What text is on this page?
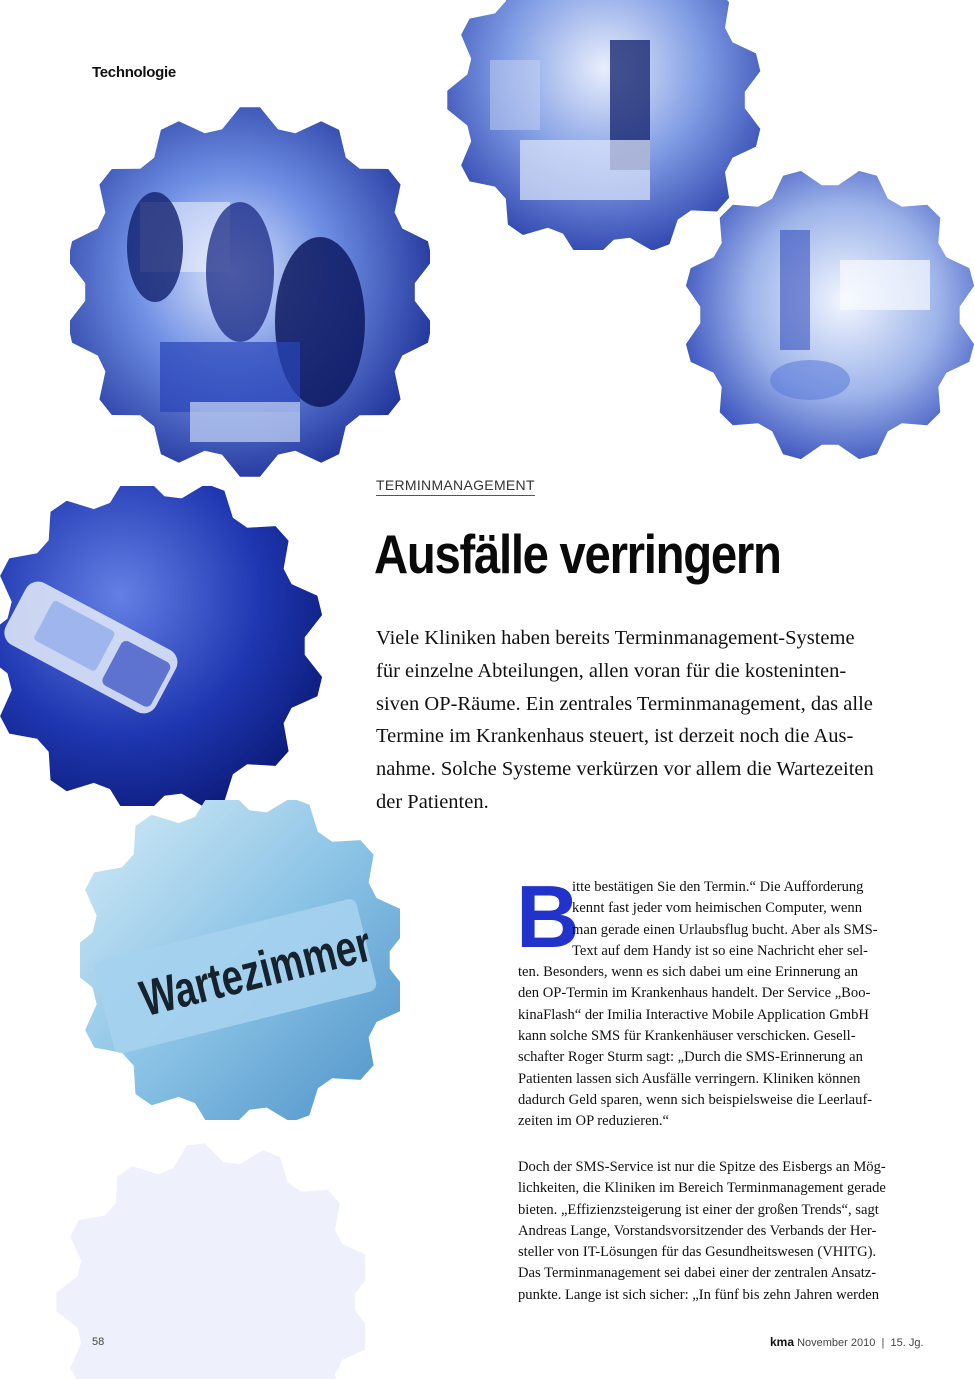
Technologie
Wartezimmer
TERMINMANAGEMENT
Ausfälle verringern
Viele Kliniken haben bereits Terminmanagement-Systeme
für einzelne Abteilungen, allen voran für die kosteninten-
siven OP-Räume. Ein zentrales Terminmanagement, das alle
Termine im Krankenhaus steuert, ist derzeit noch die Aus-
nahme. Solche Systeme verkürzen vor allem die Wartezeiten
der Patienten.
B
itte bestätigen Sie den Termin.“ Die Aufforderung
kennt fast jeder vom heimischen Computer, wenn
man gerade einen Urlaubsflug bucht. Aber als SMS-
Text auf dem Handy ist so eine Nachricht eher sel-
ten. Besonders, wenn es sich dabei um eine Erinnerung an
den OP-Termin im Krankenhaus handelt. Der Service „Boo-
kinaFlash“ der Imilia Interactive Mobile Application GmbH
kann solche SMS für Krankenhäuser verschicken. Gesell-
schafter Roger Sturm sagt: „Durch die SMS-Erinnerung an
Patienten lassen sich Ausfälle verringern. Kliniken können
dadurch Geld sparen, wenn sich beispielsweise die Leerlauf-
zeiten im OP reduzieren.“
Doch der SMS-Service ist nur die Spitze des Eisbergs an Mög-
lichkeiten, die Kliniken im Bereich Terminmanagement gerade
bieten. „Effizienzsteigerung ist einer der großen Trends“, sagt
Andreas Lange, Vorstandsvorsitzender des Verbands der Her-
steller von IT-Lösungen für das Gesundheitswesen (VHITG).
Das Terminmanagement sei dabei einer der zentralen Ansatz-
punkte. Lange ist sich sicher: „In fünf bis zehn Jahren werden
58	kma November 2010 | 15. Jg.
